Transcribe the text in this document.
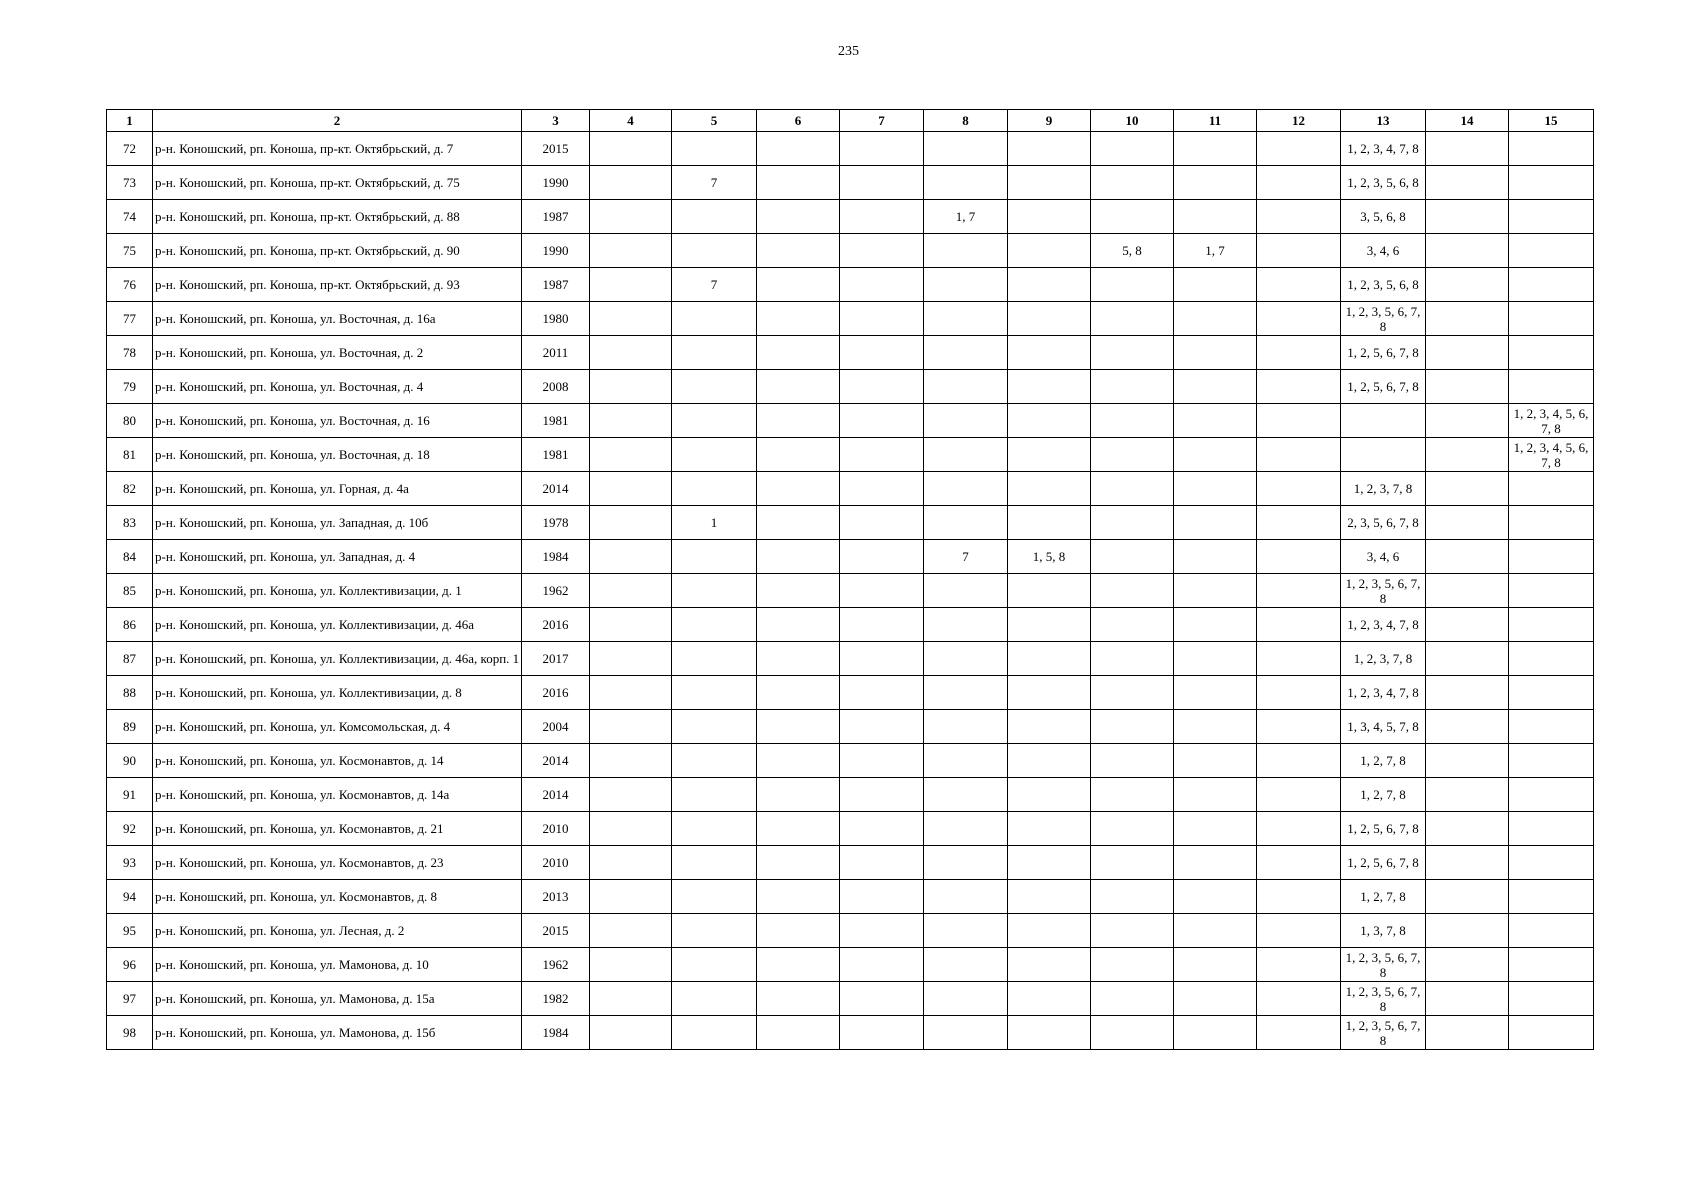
235
1	2	3	4	5	6	7	8	9	10	11	12	13	14	15
72	р-н. Коношский, рп. Коноша, пр-кт. Октябрьский, д. 7	2015										1, 2, 3, 4, 7, 8		
73	р-н. Коношский, рп. Коноша, пр-кт. Октябрьский, д. 75	1990		7								1, 2, 3, 5, 6, 8		
74	р-н. Коношский, рп. Коноша, пр-кт. Октябрьский, д. 88	1987					1, 7					3, 5, 6, 8		
75	р-н. Коношский, рп. Коноша, пр-кт. Октябрьский, д. 90	1990							5, 8	1, 7		3, 4, 6		
76	р-н. Коношский, рп. Коноша, пр-кт. Октябрьский, д. 93	1987		7								1, 2, 3, 5, 6, 8		
77	р-н. Коношский, рп. Коноша, ул. Восточная, д. 16а	1980										1, 2, 3, 5, 6, 7, 8		
78	р-н. Коношский, рп. Коноша, ул. Восточная, д. 2	2011										1, 2, 5, 6, 7, 8		
79	р-н. Коношский, рп. Коноша, ул. Восточная, д. 4	2008										1, 2, 5, 6, 7, 8		
80	р-н. Коношский, рп. Коноша, ул. Восточная, д. 16	1981												1, 2, 3, 4, 5, 6, 7, 8
81	р-н. Коношский, рп. Коноша, ул. Восточная, д. 18	1981												1, 2, 3, 4, 5, 6, 7, 8
82	р-н. Коношский, рп. Коноша, ул. Горная, д. 4а	2014										1, 2, 3, 7, 8		
83	р-н. Коношский, рп. Коноша, ул. Западная, д. 10б	1978		1								2, 3, 5, 6, 7, 8		
84	р-н. Коношский, рп. Коноша, ул. Западная, д. 4	1984					7	1, 5, 8				3, 4, 6		
85	р-н. Коношский, рп. Коноша, ул. Коллективизации, д. 1	1962										1, 2, 3, 5, 6, 7, 8		
86	р-н. Коношский, рп. Коноша, ул. Коллективизации, д. 46а	2016										1, 2, 3, 4, 7, 8		
87	р-н. Коношский, рп. Коноша, ул. Коллективизации, д. 46а, корп. 1	2017										1, 2, 3, 7, 8		
88	р-н. Коношский, рп. Коноша, ул. Коллективизации, д. 8	2016										1, 2, 3, 4, 7, 8		
89	р-н. Коношский, рп. Коноша, ул. Комсомольская, д. 4	2004										1, 3, 4, 5, 7, 8		
90	р-н. Коношский, рп. Коноша, ул. Космонавтов, д. 14	2014										1, 2, 7, 8		
91	р-н. Коношский, рп. Коноша, ул. Космонавтов, д. 14а	2014										1, 2, 7, 8		
92	р-н. Коношский, рп. Коноша, ул. Космонавтов, д. 21	2010										1, 2, 5, 6, 7, 8		
93	р-н. Коношский, рп. Коноша, ул. Космонавтов, д. 23	2010										1, 2, 5, 6, 7, 8		
94	р-н. Коношский, рп. Коноша, ул. Космонавтов, д. 8	2013										1, 2, 7, 8		
95	р-н. Коношский, рп. Коноша, ул. Лесная, д. 2	2015										1, 3, 7, 8		
96	р-н. Коношский, рп. Коноша, ул. Мамонова, д. 10	1962										1, 2, 3, 5, 6, 7, 8		
97	р-н. Коношский, рп. Коноша, ул. Мамонова, д. 15а	1982										1, 2, 3, 5, 6, 7, 8		
98	р-н. Коношский, рп. Коноша, ул. Мамонова, д. 15б	1984										1, 2, 3, 5, 6, 7, 8		
